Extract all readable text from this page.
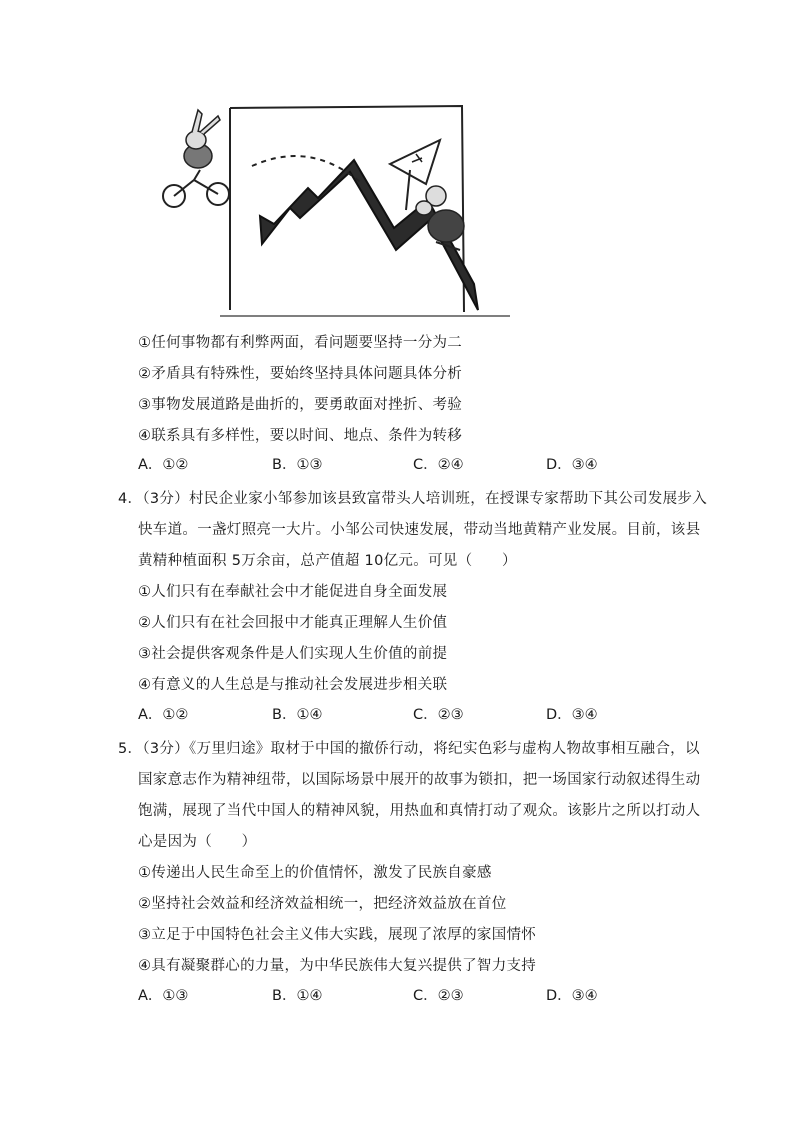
①任何事物都有利弊两面，看问题要坚持一分为二
②矛盾具有特殊性，要始终坚持具体问题具体分析
③事物发展道路是曲折的，要勇敢面对挫折、考验
④联系具有多样性，要以时间、地点、条件为转移
A．①②	B．①③	C．②④	D．③④
4．（3分）村民企业家小邹参加该县致富带头人培训班，在授课专家帮助下其公司发展步入
快车道。一盏灯照亮一大片。小邹公司快速发展，带动当地黄精产业发展。目前，该县
黄精种植面积 5万余亩，总产值超 10亿元。可见（　　）
①人们只有在奉献社会中才能促进自身全面发展
②人们只有在社会回报中才能真正理解人生价值
③社会提供客观条件是人们实现人生价值的前提
④有意义的人生总是与推动社会发展进步相关联
A．①②	B．①④	C．②③	D．③④
5．（3分）《万里归途》取材于中国的撤侨行动，将纪实色彩与虚构人物故事相互融合，以
国家意志作为精神纽带，以国际场景中展开的故事为锁扣，把一场国家行动叙述得生动
饱满，展现了当代中国人的精神风貌，用热血和真情打动了观众。该影片之所以打动人
心是因为（　　）
①传递出人民生命至上的价值情怀，激发了民族自豪感
②坚持社会效益和经济效益相统一，把经济效益放在首位
③立足于中国特色社会主义伟大实践，展现了浓厚的家国情怀
④具有凝聚群心的力量，为中华民族伟大复兴提供了智力支持
A．①③	B．①④	C．②③	D．③④
